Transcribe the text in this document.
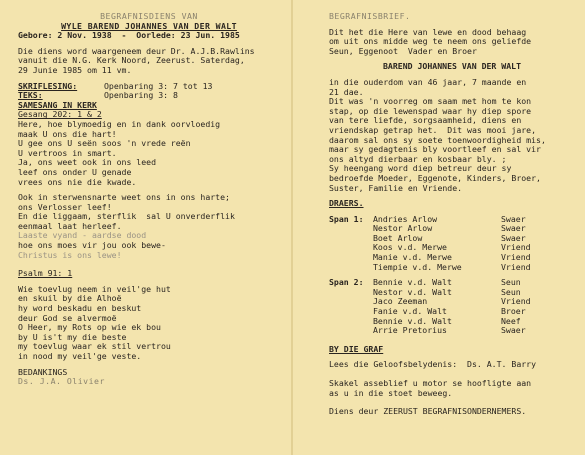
BEGRAFNISDIENS VAN
WYLE BAREND JOHANNES VAN DER WALT
Gebore: 2 Nov. 1938  -  Oorlede: 23 Jun. 1985
Die diens word waargeneem deur Dr. A.J.B.Rawlins
vanuit die N.G. Kerk Noord, Zeerust. Saterdag,
29 Junie 1985 om 11 vm.
SKRIFLESING:	Openbaring 3: 7 tot 13
TEKS:	Openbaring 3: 8
SAMESANG IN KERK
Gesang 202: 1 & 2
Here, hoe blymoedig en in dank oorvloedig
maak U ons die hart!
U gee ons U seën soos 'n vrede reën
U vertroos in smart.
Ja, ons weet ook in ons leed
leef ons onder U genade
vrees ons nie die kwade.
Ook in sterwensnarte weet ons in ons harte;
ons Verlosser leef!
En die liggaam, sterflik  sal U onverderflik
eenmaal laat herleef.
Laaste vyand - aardse dood
hoe ons moes vir jou ook bewe-
Christus is ons lewe!
Psalm 91: 1
Wie toevlug neem in veil'ge hut
en skuil by die Alhoë
hy word beskadu en beskut
deur God se alvermoë
O Heer, my Rots op wie ek bou
by U is't my die beste
my toevlug waar ek stil vertrou
in nood my veil'ge veste.
BEDANKINGS
Ds. J.A. Olivier
BEGRAFNISBRIEF.
Dit het die Here van lewe en dood behaag
om uit ons midde weg te neem ons geliefde
Seun, Eggenoot  Vader en Broer
BAREND JOHANNES VAN DER WALT
in die ouderdom van 46 jaar, 7 maande en
21 dae.
Dit was 'n voorreg om saam met hom te kon
stap, op die lewenspad waar hy diep spore
van tere liefde, sorgsaamheid, diens en
vriendskap getrap het.  Dit was mooi jare,
daarom sal ons sy soete toenwoordigheid mis,
maar sy gedagtenis bly voortleef en sal vir
ons altyd dierbaar en kosbaar bly. ;
Sy heengang word diep betreur deur sy
bedroefde Moeder, Eggenote, Kinders, Broer,
Suster, Familie en Vriende.
DRAERS.
Span 1:	Andries Arlow	Swaer
Nestor Arlow	Swaer
Boet Arlow	Swaer
Koos v.d. Merwe	Vriend
Manie v.d. Merwe	Vriend
Tiempie v.d. Merwe	Vriend
Span 2:	Bennie v.d. Walt	Seun
Nestor v.d. Walt	Seun
Jaco Zeeman	Vriend
Fanie v.d. Walt	Broer
Bennie v.d. Walt	Neef
Arrie Pretorius	Swaer
BY DIE GRAF
Lees die Geloofsbelydenis:  Ds. A.T. Barry
Skakel asseblief u motor se hoofligte aan
as u in die stoet beweeg.
Diens deur ZEERUST BEGRAFNISONDERNEMERS.
